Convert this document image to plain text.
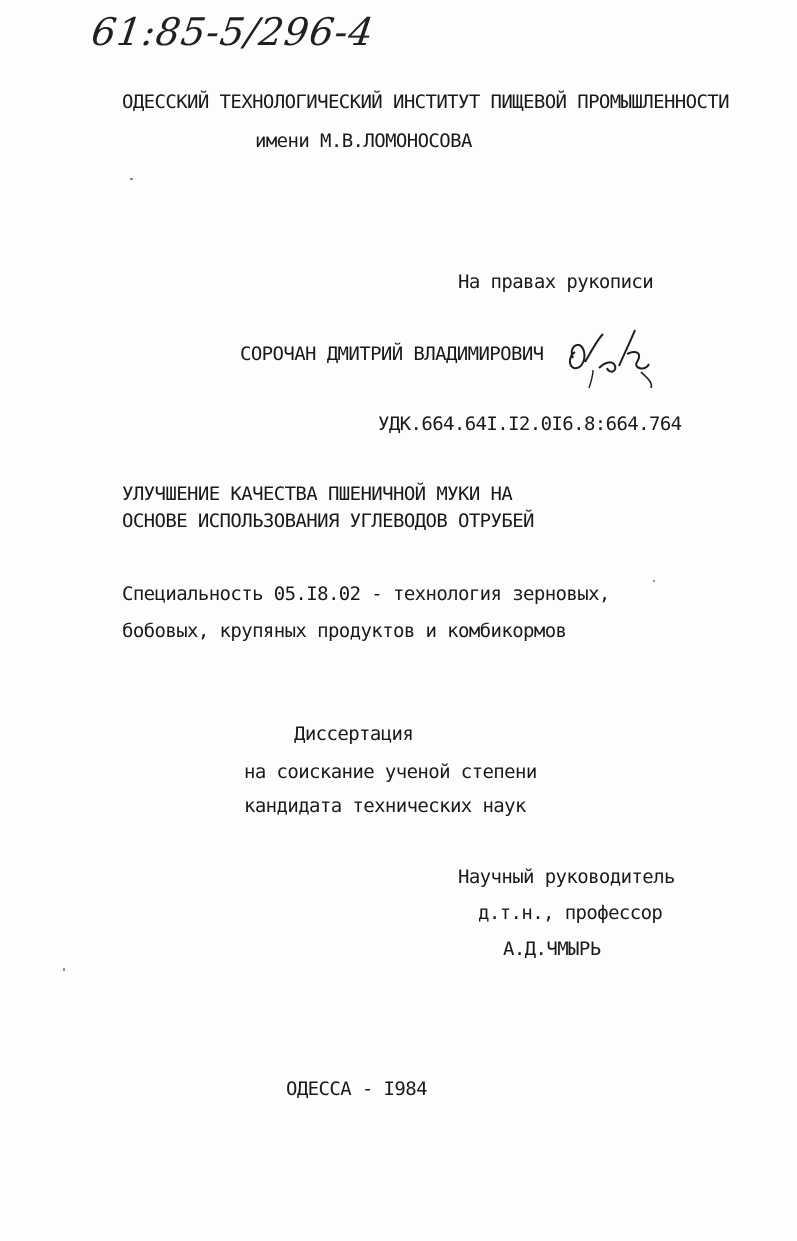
61:85-5/296-4
ОДЕССКИЙ ТЕХНОЛОГИЧЕСКИЙ ИНСТИТУТ ПИЩЕВОЙ ПРОМЫШЛЕННОСТИ
имени М.В.ЛОМОНОСОВА
На правах рукописи
СОРОЧАН ДМИТРИЙ ВЛАДИМИРОВИЧ
УДК.664.64I.I2.0I6.8:664.764
УЛУЧШЕНИЕ КАЧЕСТВА ПШЕНИЧНОЙ МУКИ НА
ОСНОВЕ ИСПОЛЬЗОВАНИЯ УГЛЕВОДОВ ОТРУБЕЙ
Специальность 05.I8.02 - технология зерновых,
бобовых, крупяных продуктов и комбикормов
Диссертация
на соискание ученой степени
кандидата технических наук
Научный руководитель
д.т.н., профессор
А.Д.ЧМЫРЬ
ОДЕССА - I984
